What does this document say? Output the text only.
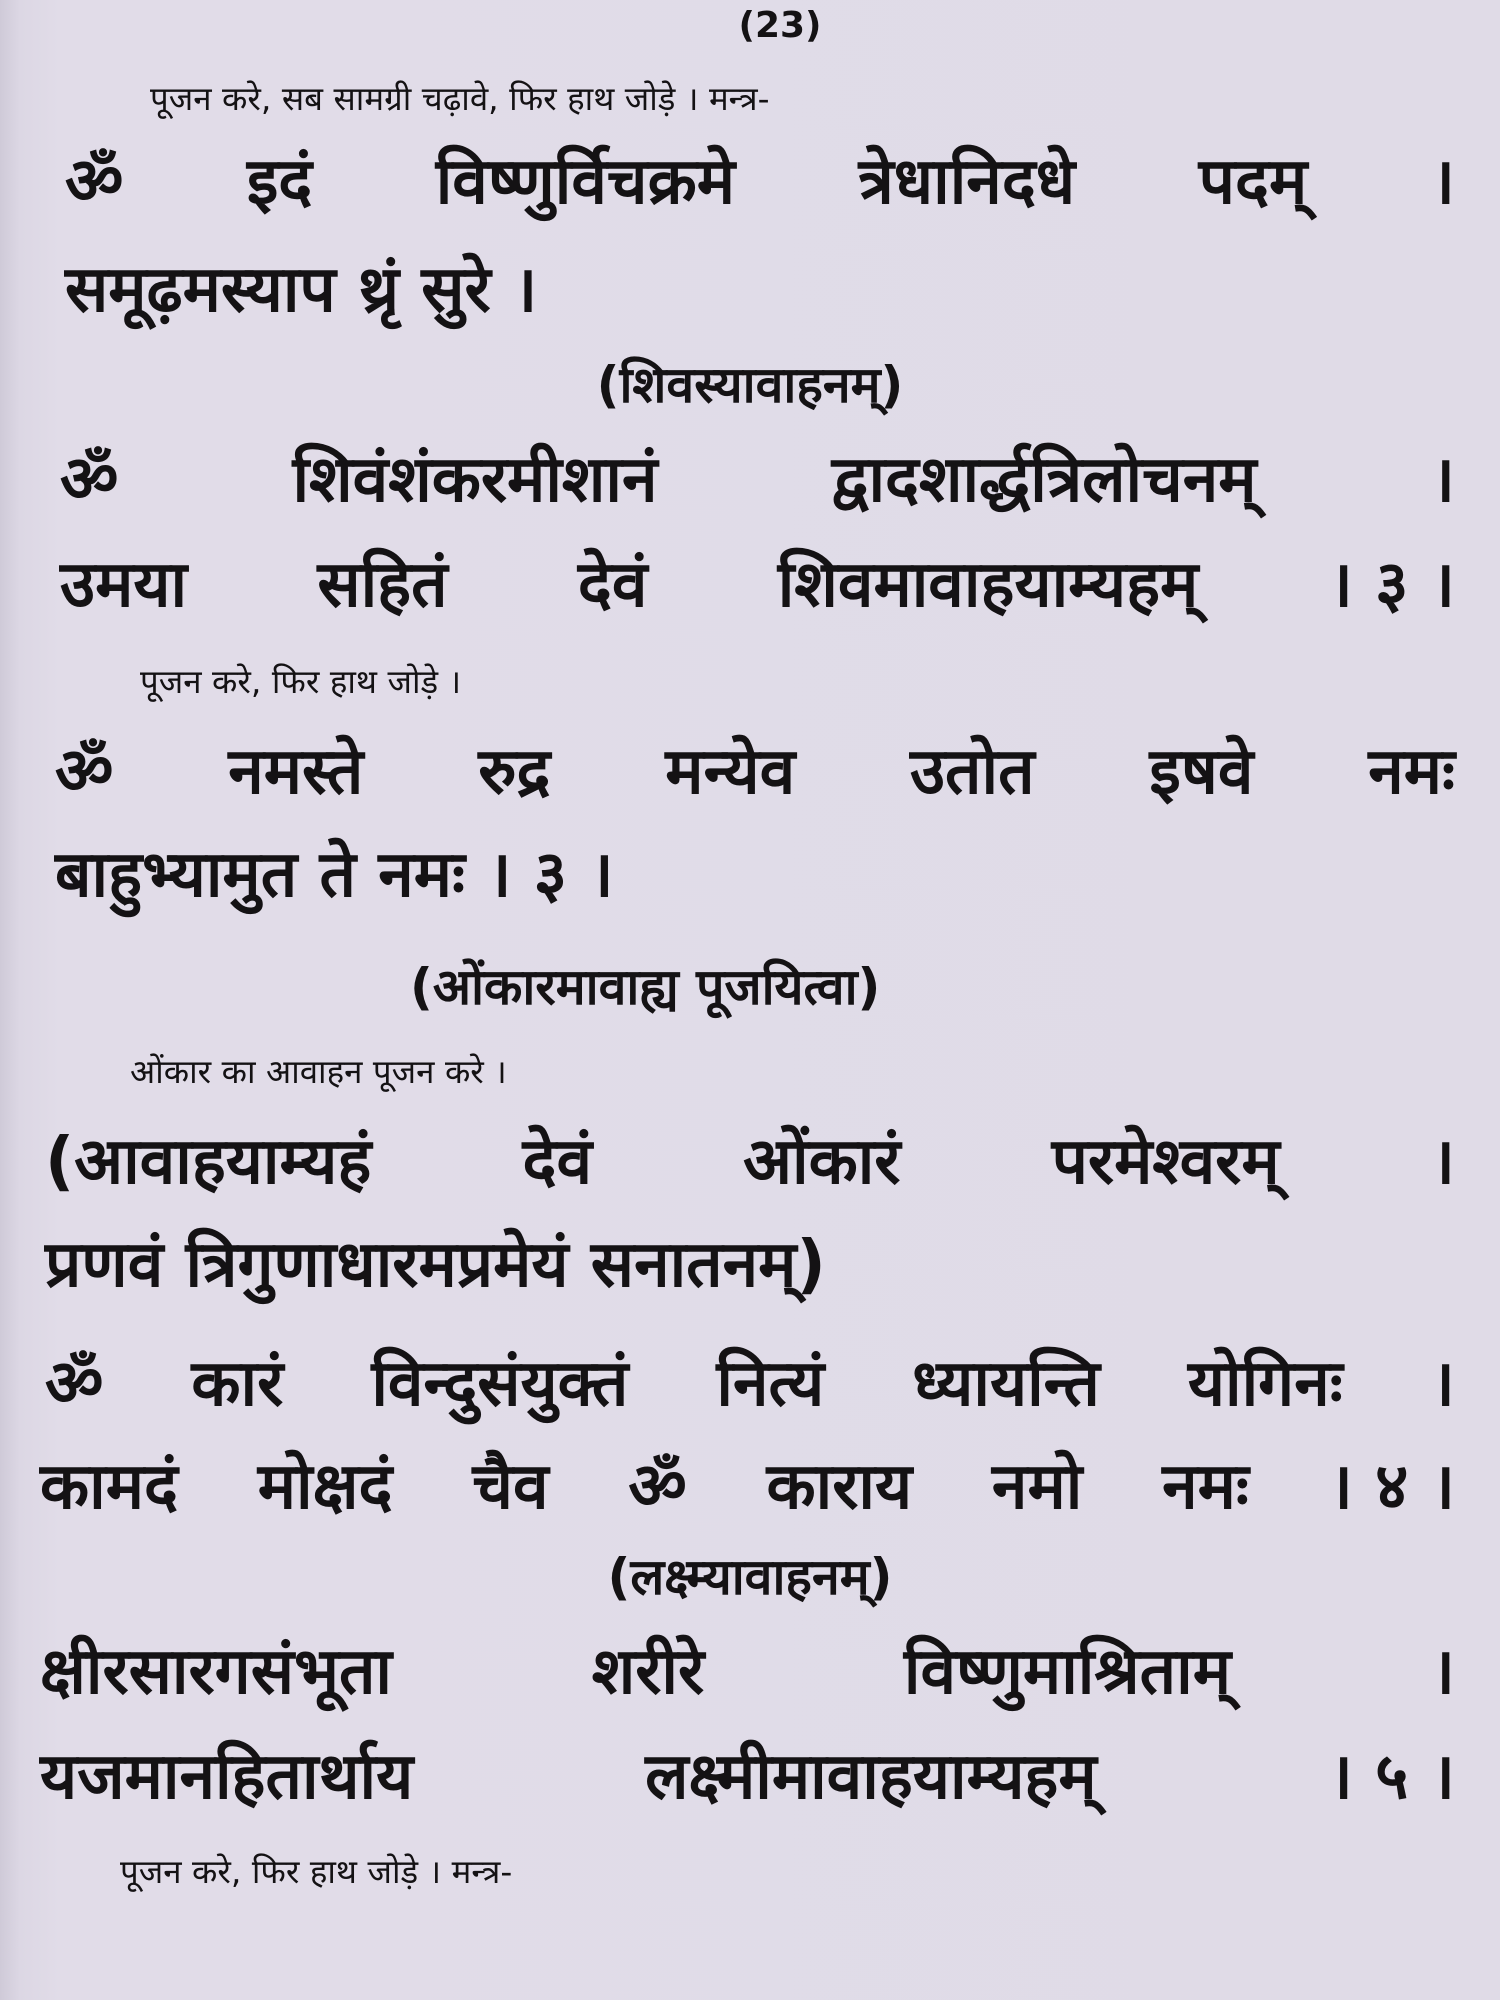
(23)
पूजन करे, सब सामग्री चढ़ावे, फिर हाथ जोड़े । मन्त्र-
ॐ इदं विष्णुर्विचक्रमे त्रेधानिदधे पदम् ।
समूढ़मस्याप थ्रृं सुरे ।
(शिवस्यावाहनम्)
ॐ	शिवंशंकरमीशानं	द्वादशार्द्धत्रिलोचनम्	।
उमया सहितं देवं शिवमावाहयाम्यहम् । ३ ।
पूजन करे, फिर हाथ जोड़े ।
ॐ नमस्ते रुद्र मन्येव उतोत इषवे नमः
बाहुभ्यामुत ते नमः । ३ ।
(ओंकारमावाह्य पूजयित्वा)
ओंकार का आवाहन पूजन करे ।
(आवाहयाम्यहं देवं ओंकारं परमेश्वरम् ।
प्रणवं त्रिगुणाधारमप्रमेयं सनातनम्)
ॐ कारं विन्दुसंयुक्तं नित्यं ध्यायन्ति योगिनः ।
कामदं मोक्षदं चैव ॐ काराय नमो नमः । ४ ।
(लक्ष्म्यावाहनम्)
क्षीरसारगसंभूता	शरीरे	विष्णुमाश्रिताम्	।
यजमानहितार्थाय	लक्ष्मीमावाहयाम्यहम्	। ५ ।
पूजन करे, फिर हाथ जोड़े । मन्त्र-
